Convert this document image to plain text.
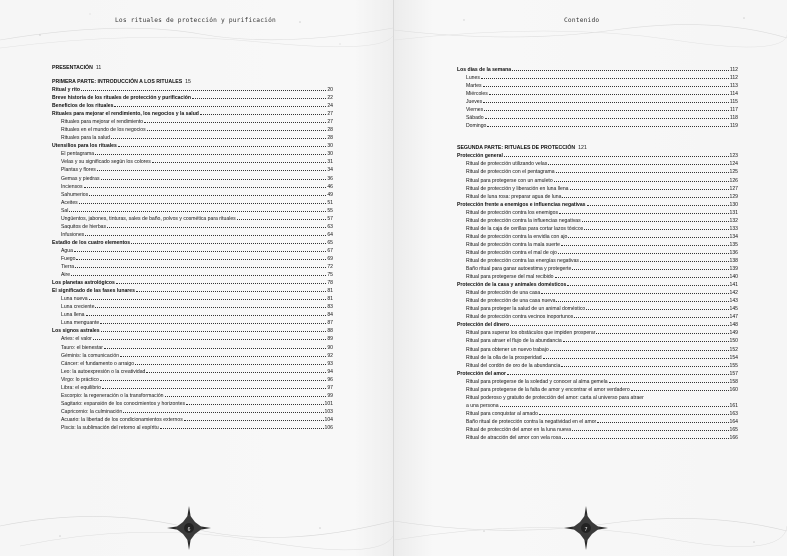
Los rituales de protección y purificación
PRESENTACIÓN 11
PRIMERA PARTE: INTRODUCCIÓN A LOS RITUALES 15
Ritual y rito	20
Breve historia de los rituales de protección y purificación	22
Beneficios de los rituales	24
Rituales para mejorar el rendimiento, los negocios y la salud	27
Rituales para mejorar el rendimiento	27
Rituales en el mundo de los negocios	28
Rituales para la salud	28
Utensilios para los rituales	30
El pentagrama	30
Velas y su significado según los colores	31
Plantas y flores	34
Gemas y piedras	36
Inciensos	46
Sahumerios	49
Aceites	51
Sal	55
Ungüentos, jabones, tinturas, sales de baño, polvos y cosmética para rituales	57
Saquitos de hierbas	63
Infusiones	64
Estadio de los cuatro elementos	65
Agua	67
Fuego	69
Tierra	72
Aire	75
Los planetas astrológicos	78
El significado de las fases lunares	81
Luna nueva	81
Luna creciente	83
Luna llena	84
Luna menguante	87
Los signos astrales	88
Aries: el valor	89
Tauro: el bienestar	90
Géminis: la comunicación	92
Cáncer: el fundamento o arraigo	93
Leo: la autoexpresión o la creatividad	94
Virgo: lo práctico	96
Libra: el equilibrio	97
Escorpio: la regeneración o la transformación	99
Sagitario: expansión de los conocimientos y horizontes	101
Capricornio: la culminación	103
Acuario: la libertad de los condicionamientos externos	104
Piscis: la sublimación del retorno al espíritu	106
6
Contenido
Los días de la semana	112
Lunes	112
Martes	113
Miércoles	114
Jueves	115
Viernes	117
Sábado	118
Domingo	119
SEGUNDA PARTE: RITUALES DE PROTECCIÓN 121
Protección general	123
Ritual de protección utilizando velas	124
Ritual de protección con el pentagrama	125
Ritual para protegerse con un amuleto	126
Ritual de protección y liberación en luna llena	127
Ritual de luna rosa: preparar agua de luna	129
Protección frente a enemigos e influencias negativas	130
Ritual de protección contra los enemigos	131
Ritual de protección contra la influencias negativas	132
Ritual de la caja de cerillas para cortar lazos tóxicos	133
Ritual de protección contra la envidia con ajo	134
Ritual de protección contra la mala suerte	135
Ritual de protección contra el mal de ojo	136
Ritual de protección contra las energías negativas	138
Baño ritual para ganar autoestima y protegerte	139
Ritual para protegerse del mal recibido	140
Protección de la casa y animales domésticos	141
Ritual de protección de una casa	142
Ritual de protección de una casa nueva	143
Ritual para proteger la salud de un animal doméstico	145
Ritual de protección contra vecinos inoportunos	147
Protección del dinero	148
Ritual para superar los obstáculos que impiden prosperar	149
Ritual para atraer el flujo de la abundancia	150
Ritual para obtener un nuevo trabajo	152
Ritual de la olla de la prosperidad	154
Ritual del cordón de oro de la abundancia	155
Protección del amor	157
Ritual para protegerse de la soledad y conocer al alma gemela	158
Ritual para protegerse de la falta de amor y encontrar el amor verdadero	160
Ritual poderoso y gratuito de protección del amor: carta al universo para atraer
a una persona	161
Ritual para conquistar al amado	163
Baño ritual de protección contra la negatividad en el amor	164
Ritual de protección del amor en la luna nueva	165
Ritual de atracción del amor con vela rosa	166
7
